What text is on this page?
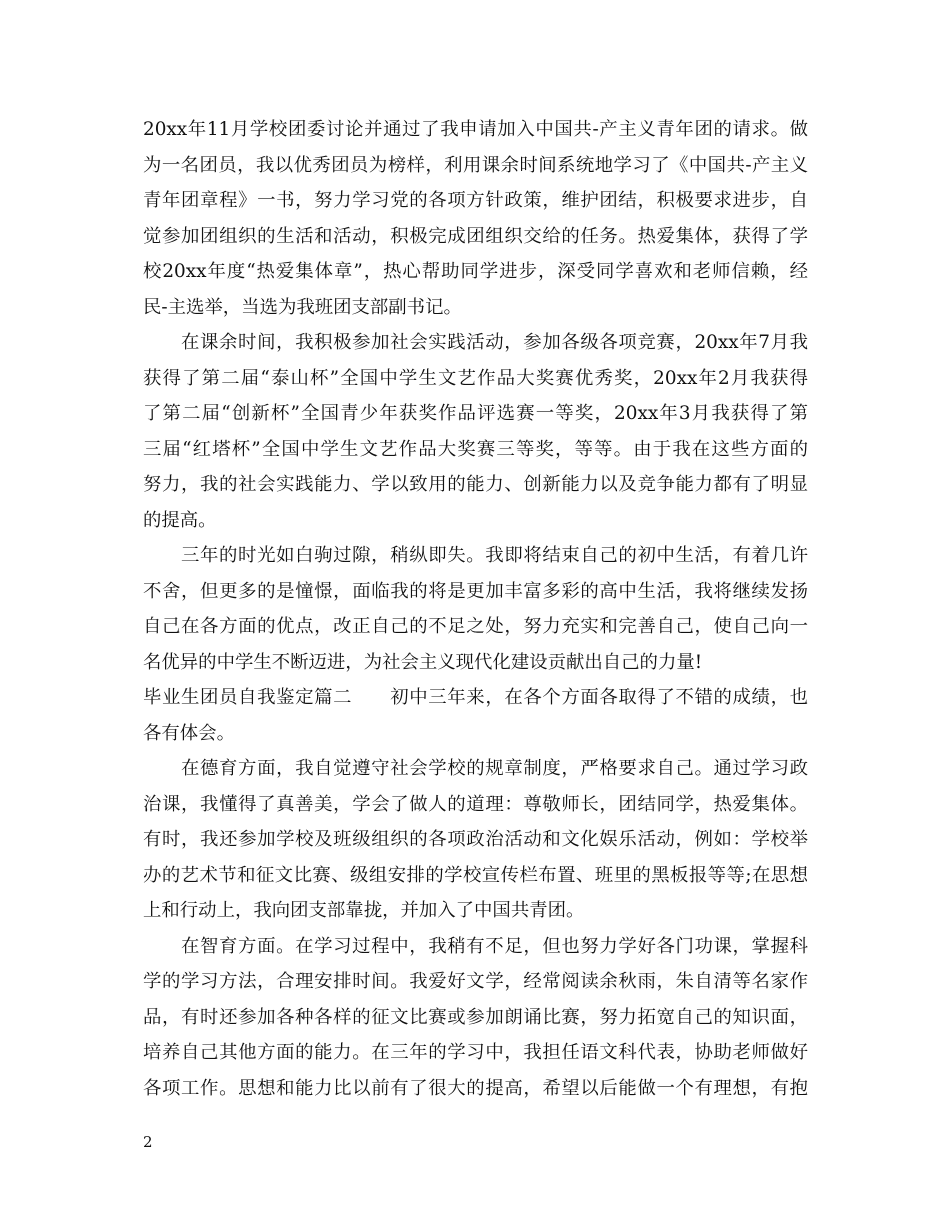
20xx年11月学校团委讨论并通过了我申请加入中国共-产主义青年团的请求。做
为一名团员，我以优秀团员为榜样，利用课余时间系统地学习了《中国共-产主义
青年团章程》一书，努力学习党的各项方针政策，维护团结，积极要求进步，自
觉参加团组织的生活和活动，积极完成团组织交给的任务。热爱集体，获得了学
校20xx年度“热爱集体章”，热心帮助同学进步，深受同学喜欢和老师信赖，经
民-主选举，当选为我班团支部副书记。
在课余时间，我积极参加社会实践活动，参加各级各项竞赛，20xx年7月我
获得了第二届“泰山杯”全国中学生文艺作品大奖赛优秀奖，20xx年2月我获得
了第二届“创新杯”全国青少年获奖作品评选赛一等奖，20xx年3月我获得了第
三届“红塔杯”全国中学生文艺作品大奖赛三等奖，等等。由于我在这些方面的
努力，我的社会实践能力、学以致用的能力、创新能力以及竞争能力都有了明显
的提高。
三年的时光如白驹过隙，稍纵即失。我即将结束自己的初中生活，有着几许
不舍，但更多的是憧憬，面临我的将是更加丰富多彩的高中生活，我将继续发扬
自己在各方面的优点，改正自己的不足之处，努力充实和完善自己，使自己向一
名优异的中学生不断迈进，为社会主义现代化建设贡献出自己的力量!
毕业生团员自我鉴定篇二　　初中三年来，在各个方面各取得了不错的成绩，也
各有体会。
在德育方面，我自觉遵守社会学校的规章制度，严格要求自己。通过学习政
治课，我懂得了真善美，学会了做人的道理：尊敬师长，团结同学，热爱集体。
有时，我还参加学校及班级组织的各项政治活动和文化娱乐活动，例如：学校举
办的艺术节和征文比赛、级组安排的学校宣传栏布置、班里的黑板报等等;在思想
上和行动上，我向团支部靠拢，并加入了中国共青团。
在智育方面。在学习过程中，我稍有不足，但也努力学好各门功课，掌握科
学的学习方法，合理安排时间。我爱好文学，经常阅读余秋雨，朱自清等名家作
品，有时还参加各种各样的征文比赛或参加朗诵比赛，努力拓宽自己的知识面，
培养自己其他方面的能力。在三年的学习中，我担任语文科代表，协助老师做好
各项工作。思想和能力比以前有了很大的提高，希望以后能做一个有理想，有抱
2
